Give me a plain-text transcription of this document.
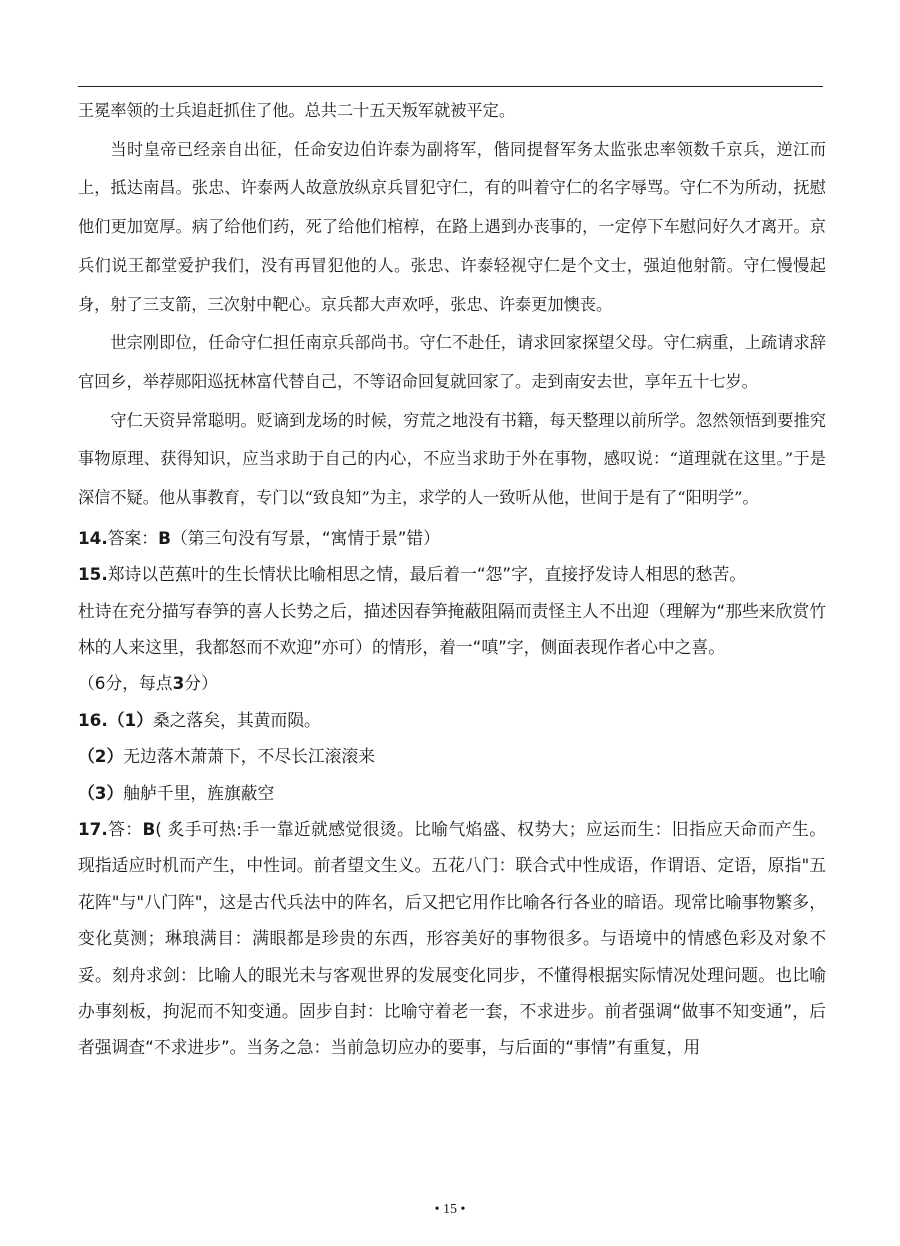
王冕率领的士兵追赶抓住了他。总共二十五天叛军就被平定。

当时皇帝已经亲自出征，任命安边伯许泰为副将军，偕同提督军务太监张忠率领数千京兵，逆江而上，抵达南昌。张忠、许泰两人故意放纵京兵冒犯守仁，有的叫着守仁的名字辱骂。守仁不为所动，抚慰他们更加宽厚。病了给他们药，死了给他们棺椁，在路上遇到办丧事的，一定停下车慰问好久才离开。京兵们说王都堂爱护我们，没有再冒犯他的人。张忠、许泰轻视守仁是个文士，强迫他射箭。守仁慢慢起身，射了三支箭，三次射中靶心。京兵都大声欢呼，张忠、许泰更加懊丧。

世宗刚即位，任命守仁担任南京兵部尚书。守仁不赴任，请求回家探望父母。守仁病重，上疏请求辞官回乡，举荐郧阳巡抚林富代替自己，不等诏命回复就回家了。走到南安去世，享年五十七岁。

守仁天资异常聪明。贬谪到龙场的时候，穷荒之地没有书籍，每天整理以前所学。忽然领悟到要推究事物原理、获得知识，应当求助于自己的内心，不应当求助于外在事物，感叹说：“道理就在这里。”于是深信不疑。他从事教育，专门以“致良知”为主，求学的人一致听从他，世间于是有了“阳明学”。

14.答案：B（第三句没有写景，“寓情于景”错）

15.郑诗以芭蕉叶的生长情状比喻相思之情，最后着一“怨”字，直接抒发诗人相思的愁苦。

杜诗在充分描写春笋的喜人长势之后，描述因春笋掩蔽阻隔而责怪主人不出迎（理解为“那些来欣赏竹林的人来这里，我都怒而不欢迎”亦可）的情形，着一“嗔”字，侧面表现作者心中之喜。

（6分，每点3分）

16.（1）桑之落矣，其黄而陨。

（2）无边落木萧萧下，不尽长江滚滚来

（3）舳舻千里，旌旗蔽空

17.答：B( 炙手可热:手一靠近就感觉很烫。比喻气焰盛、权势大；应运而生：旧指应天命而产生。现指适应时机而产生，中性词。前者望文生义。五花八门：联合式中性成语，作谓语、定语，原指"五花阵"与"八门阵"，这是古代兵法中的阵名，后又把它用作比喻各行各业的暗语。现常比喻事物繁多，变化莫测；琳琅满目：满眼都是珍贵的东西，形容美好的事物很多。与语境中的情感色彩及对象不妥。刻舟求剑：比喻人的眼光未与客观世界的发展变化同步，不懂得根据实际情况处理问题。也比喻办事刻板，拘泥而不知变通。固步自封：比喻守着老一套，不求进步。前者强调“做事不知变通”，后者强调查“不求进步”。当务之急：当前急切应办的要事，与后面的“事情”有重复，用

• 15 •
